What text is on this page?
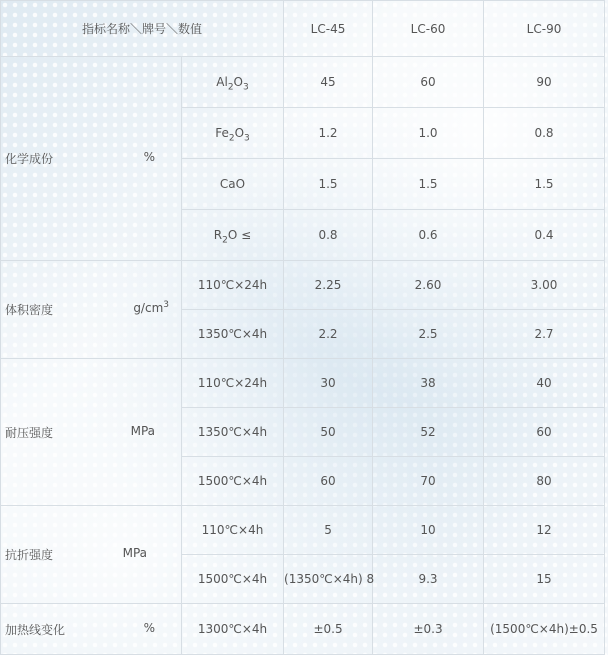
指标名称＼牌号＼数值		LC-45	LC-60	LC-90

化学成份 %	$Al_2O_3$	45	60	90
	$Fe_2O_3$	1.2	1.0	0.8
	CaO	1.5	1.5	1.5
	$R_2O$ ≤	0.8	0.6	0.4

体积密度 $g/cm^3$	110℃×24h	2.25	2.60	3.00
	1350℃×4h	2.2	2.5	2.7

耐压强度 MPa	110℃×24h	30	38	40
	1350℃×4h	50	52	60
	1500℃×4h	60	70	80

抗折强度 MPa	110℃×4h	5	10	12
	1500℃×4h	(1350℃×4h) 8	9.3	15

加热线变化 %	1300℃×4h	±0.5	±0.3	(1500℃×4h)±0.5
